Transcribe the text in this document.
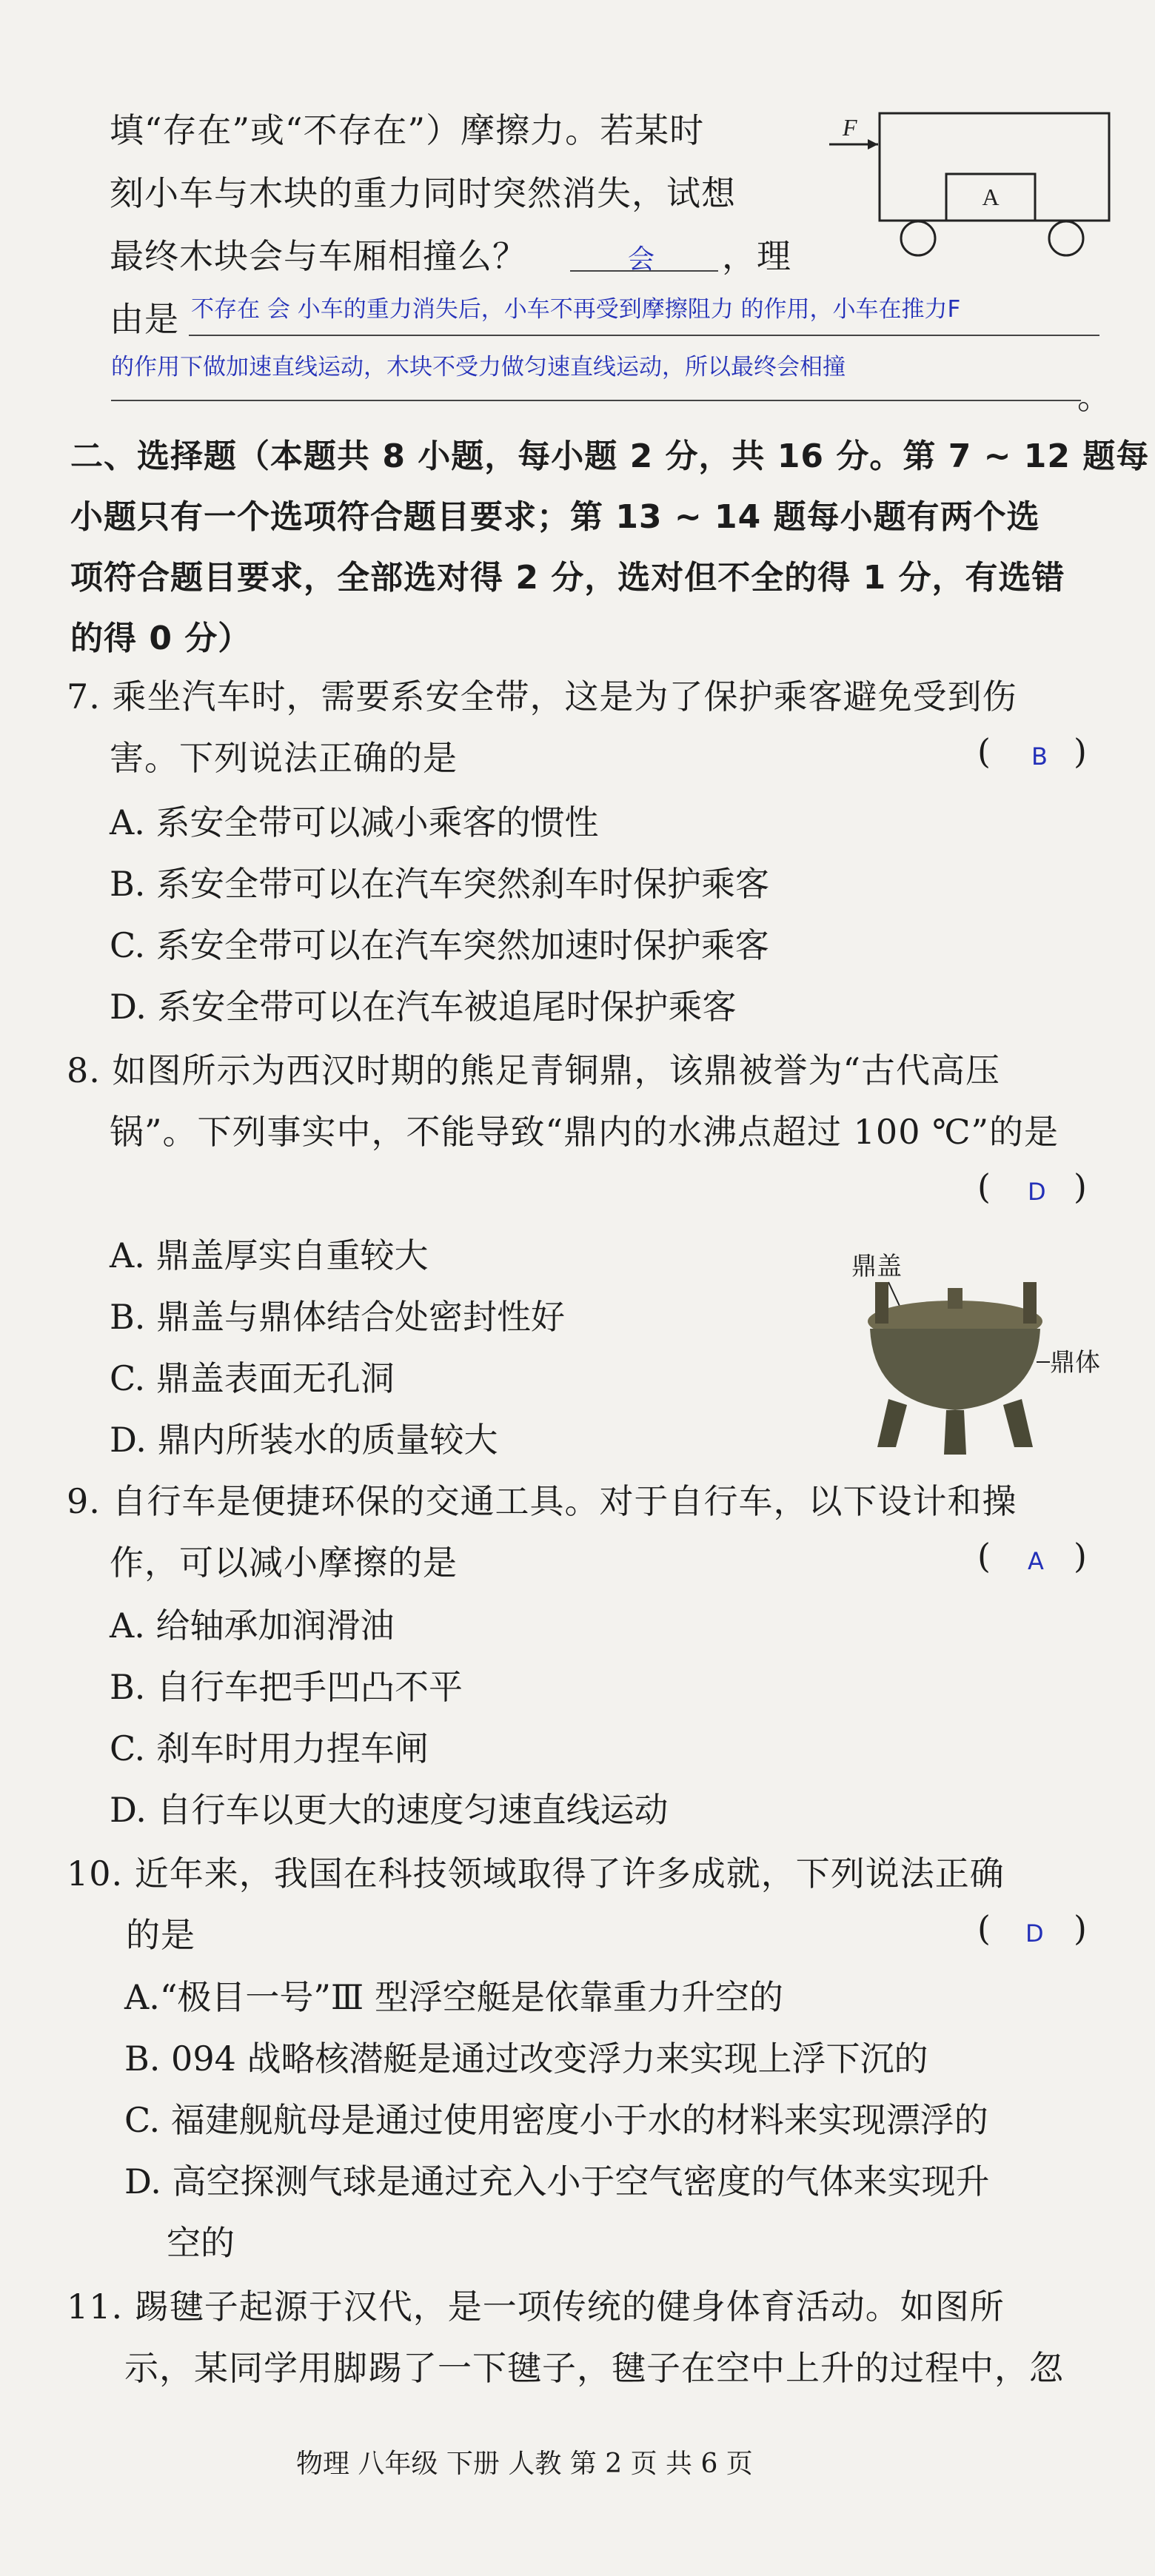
填“存在”或“不存在”）摩擦力。若某时
刻小车与木块的重力同时突然消失，试想
最终木块会与车厢相撞么？	会 ，理
由是 不存在 会 小车的重力消失后，小车不再受到摩擦阻力 的作用，小车在推力F
的作用下做加速直线运动，木块不受力做匀速直线运动，所以最终会相撞
。
A
F
二、选择题（本题共 8 小题，每小题 2 分，共 16 分。第 7 ~ 12 题每
小题只有一个选项符合题目要求；第 13 ~ 14 题每小题有两个选
项符合题目要求，全部选对得 2 分，选对但不全的得 1 分，有选错
的得 0 分）
7. 乘坐汽车时，需要系安全带，这是为了保护乘客避免受到伤
害。下列说法正确的是	( B )
A. 系安全带可以减小乘客的惯性
B. 系安全带可以在汽车突然刹车时保护乘客
C. 系安全带可以在汽车突然加速时保护乘客
D. 系安全带可以在汽车被追尾时保护乘客
8. 如图所示为西汉时期的熊足青铜鼎，该鼎被誉为“古代高压
锅”。下列事实中，不能导致“鼎内的水沸点超过 100 ℃”的是
( D )
A. 鼎盖厚实自重较大
B. 鼎盖与鼎体结合处密封性好
C. 鼎盖表面无孔洞
D. 鼎内所装水的质量较大
鼎盖
鼎体
9. 自行车是便捷环保的交通工具。对于自行车，以下设计和操
作，可以减小摩擦的是	( A )
A. 给轴承加润滑油
B. 自行车把手凹凸不平
C. 刹车时用力捏车闸
D. 自行车以更大的速度匀速直线运动
10. 近年来，我国在科技领域取得了许多成就，下列说法正确
的是	( D )
A.“极目一号”Ⅲ 型浮空艇是依靠重力升空的
B. 094 战略核潜艇是通过改变浮力来实现上浮下沉的
C. 福建舰航母是通过使用密度小于水的材料来实现漂浮的
D. 高空探测气球是通过充入小于空气密度的气体来实现升
空的
11. 踢毽子起源于汉代，是一项传统的健身体育活动。如图所
示，某同学用脚踢了一下毽子，毽子在空中上升的过程中，忽
物理 八年级 下册 人教 第 2 页 共 6 页
